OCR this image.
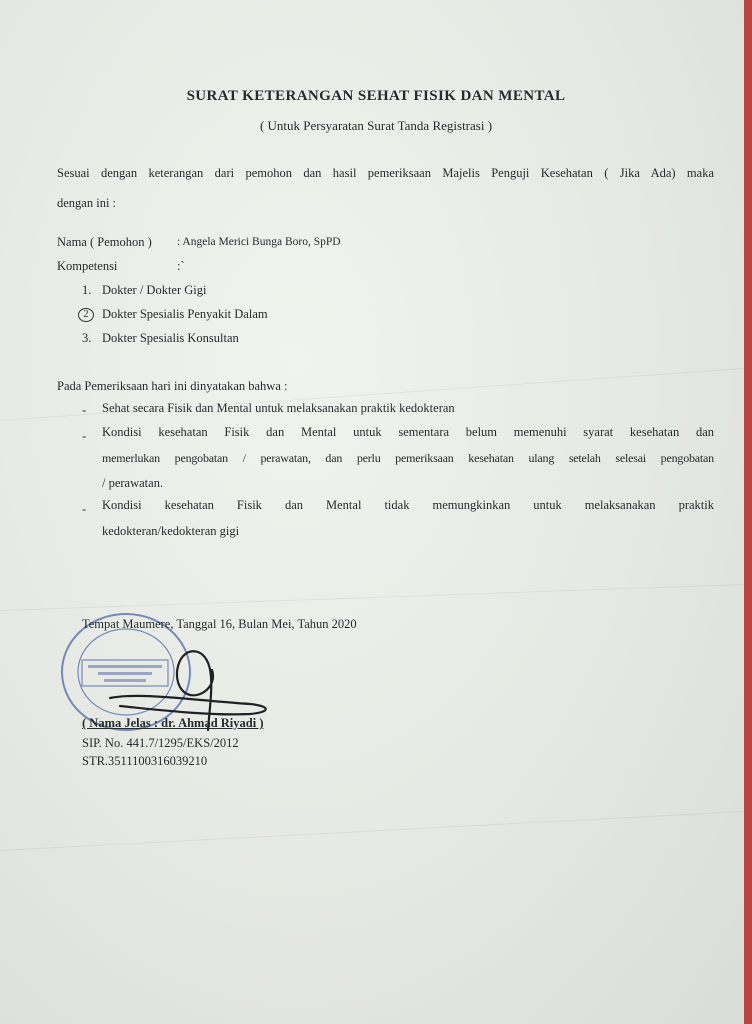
SURAT KETERANGAN SEHAT FISIK DAN MENTAL
( Untuk Persyaratan Surat Tanda Registrasi )
Sesuai dengan keterangan dari pemohon dan hasil pemeriksaan Majelis Penguji Kesehatan ( Jika Ada) maka
dengan ini :
Nama ( Pemohon ) : Angela Merici Bunga Boro, SpPD
Kompetensi	:`
1. Dokter / Dokter Gigi
2	Dokter Spesialis Penyakit Dalam
3. Dokter Spesialis Konsultan
Pada Pemeriksaan hari ini dinyatakan bahwa :
- Sehat secara Fisik dan Mental untuk melaksanakan praktik kedokteran
- Kondisi kesehatan Fisik dan Mental untuk sementara belum memenuhi syarat kesehatan dan
memerlukan pengobatan / perawatan, dan perlu pemeriksaan kesehatan ulang setelah selesai pengobatan
/ perawatan.
- Kondisi kesehatan Fisik dan Mental tidak memungkinkan untuk melaksanakan praktik
kedokteran/kedokteran gigi
Tempat Maumere, Tanggal 16, Bulan Mei, Tahun 2020
( Nama Jelas : dr. Ahmad Riyadi )
SIP. No. 441.7/1295/EKS/2012
STR.3511100316039210
